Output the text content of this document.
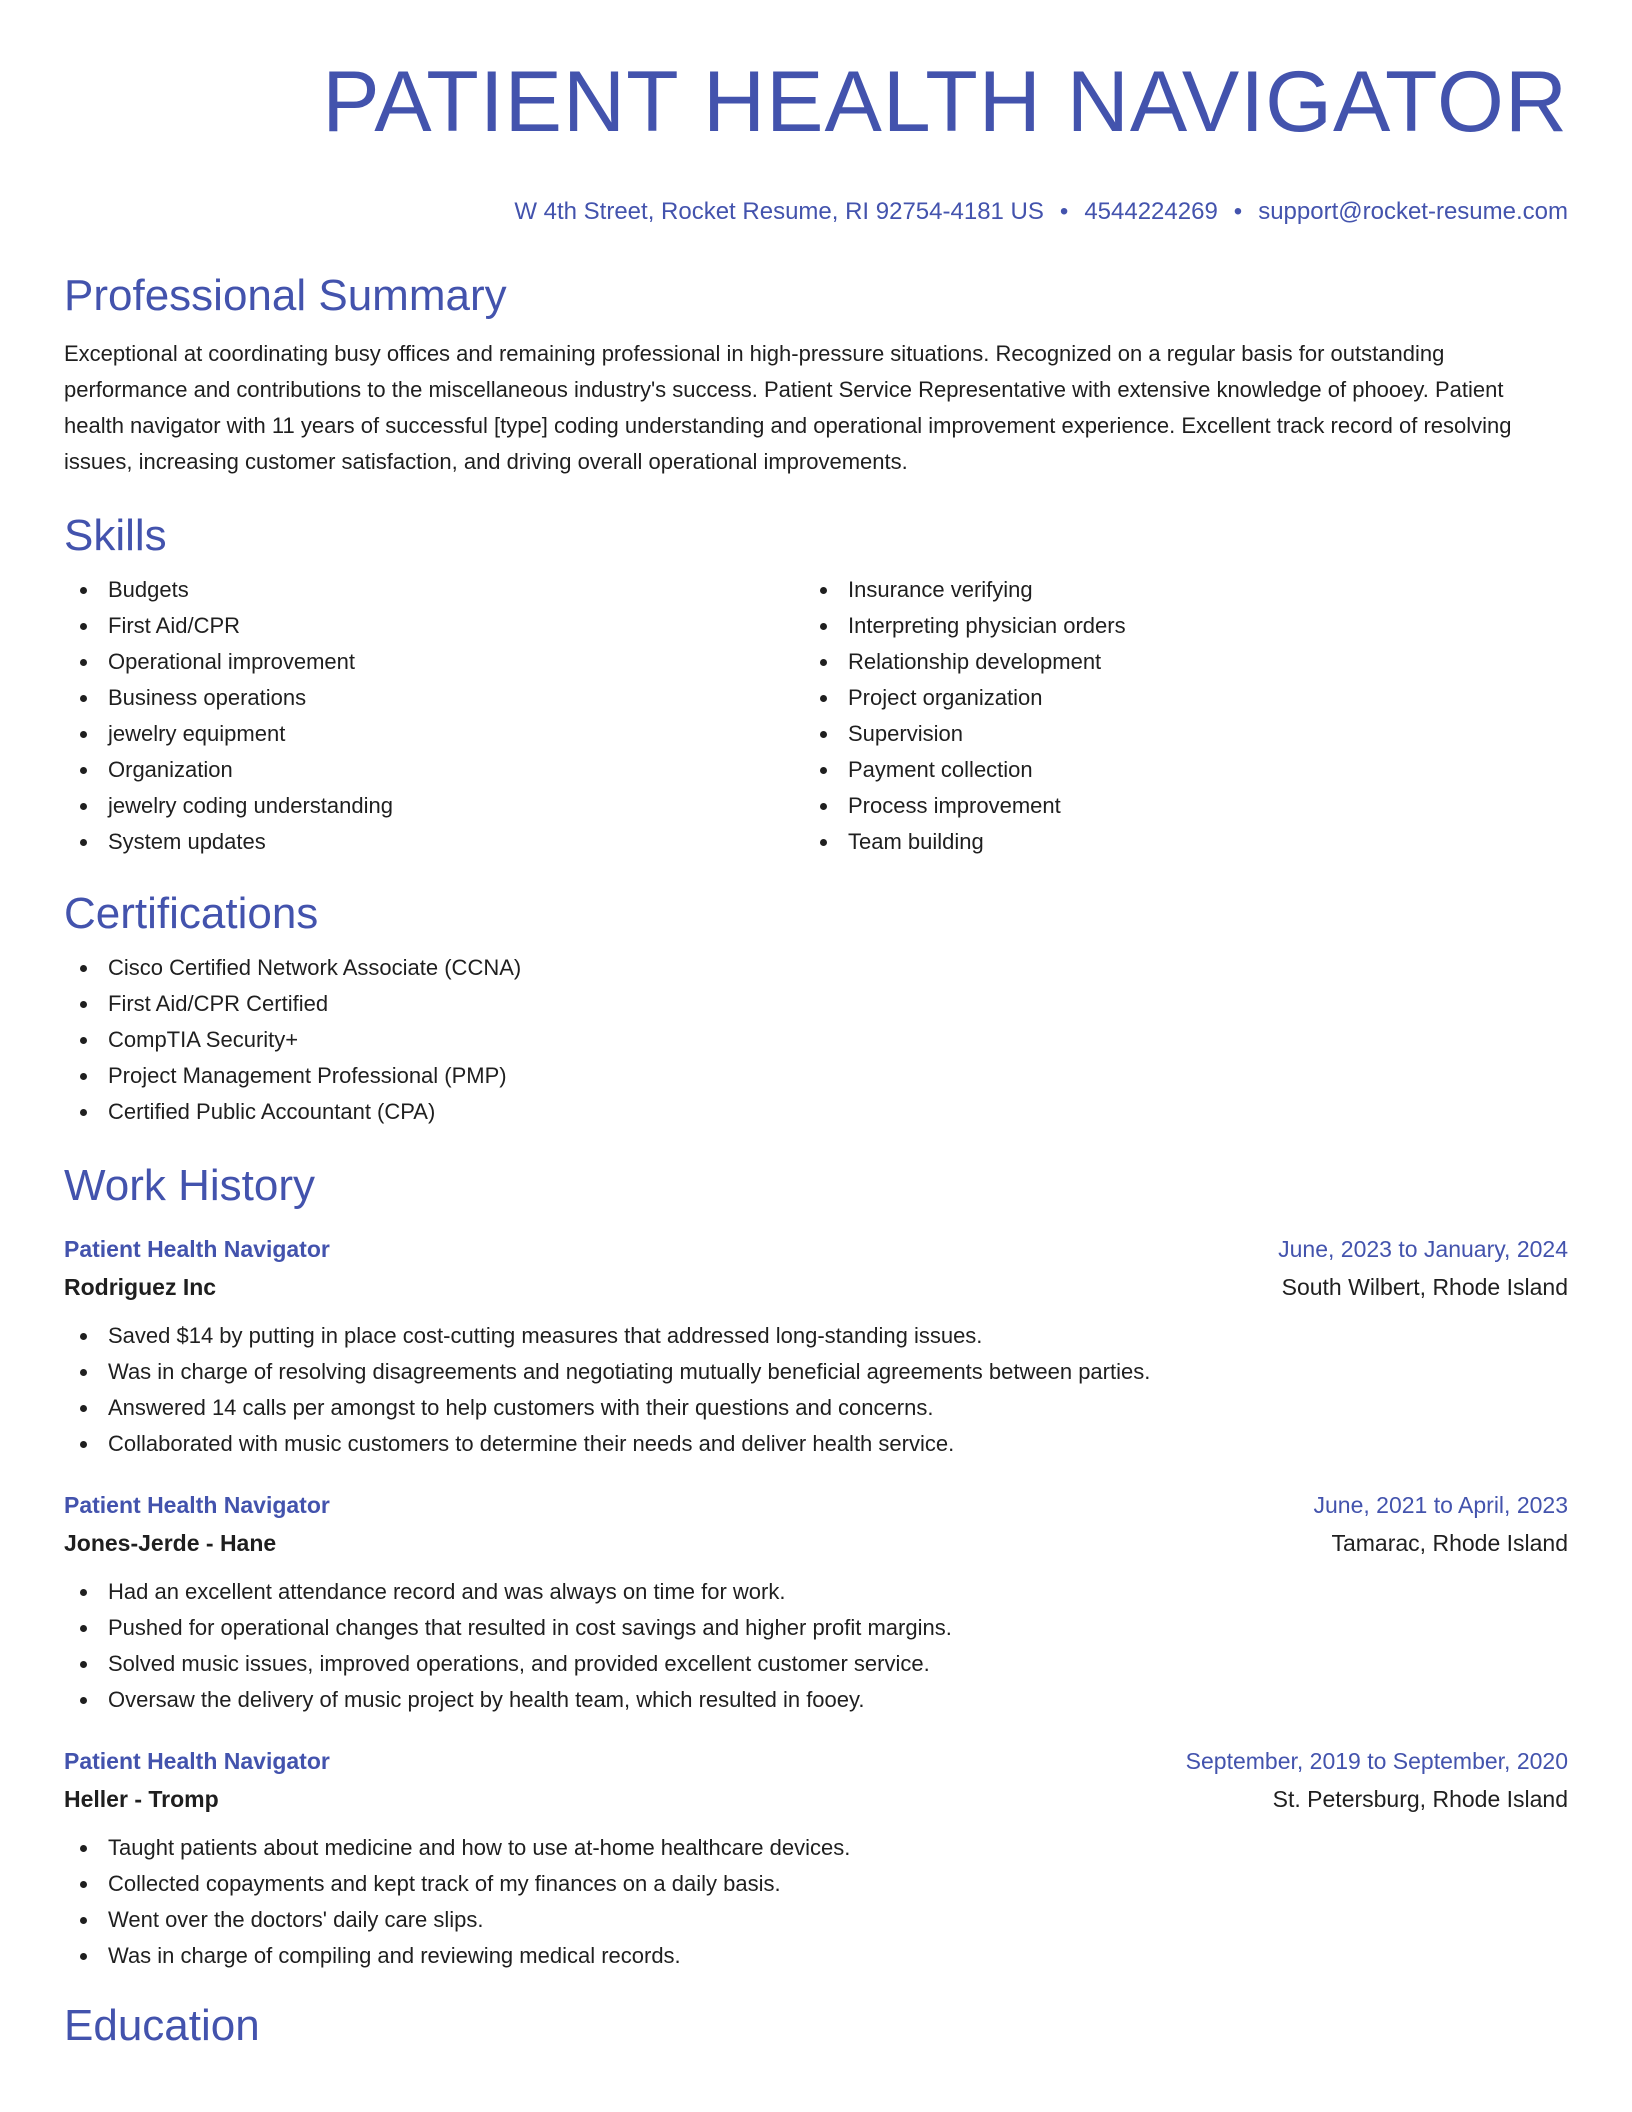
PATIENT HEALTH NAVIGATOR
W 4th Street, Rocket Resume, RI 92754-4181 US • 4544224269 • support@rocket-resume.com
Professional Summary

Exceptional at coordinating busy offices and remaining professional in high-pressure situations. Recognized on a regular basis for outstanding performance and contributions to the miscellaneous industry's success. Patient Service Representative with extensive knowledge of phooey. Patient health navigator with 11 years of successful [type] coding understanding and operational improvement experience. Excellent track record of resolving issues, increasing customer satisfaction, and driving overall operational improvements.

Skills
Budgets
First Aid/CPR
Operational improvement
Business operations
jewelry equipment
Organization
jewelry coding understanding
System updates
Insurance verifying
Interpreting physician orders
Relationship development
Project organization
Supervision
Payment collection
Process improvement
Team building
Certifications
Cisco Certified Network Associate (CCNA)
First Aid/CPR Certified
CompTIA Security+
Project Management Professional (PMP)
Certified Public Accountant (CPA)
Work History
Patient Health Navigator	June, 2023 to January, 2024
Rodriguez Inc	South Wilbert, Rhode Island
Saved $14 by putting in place cost-cutting measures that addressed long-standing issues.
Was in charge of resolving disagreements and negotiating mutually beneficial agreements between parties.
Answered 14 calls per amongst to help customers with their questions and concerns.
Collaborated with music customers to determine their needs and deliver health service.
Patient Health Navigator	June, 2021 to April, 2023
Jones-Jerde - Hane	Tamarac, Rhode Island
Had an excellent attendance record and was always on time for work.
Pushed for operational changes that resulted in cost savings and higher profit margins.
Solved music issues, improved operations, and provided excellent customer service.
Oversaw the delivery of music project by health team, which resulted in fooey.
Patient Health Navigator	September, 2019 to September, 2020
Heller - Tromp	St. Petersburg, Rhode Island
Taught patients about medicine and how to use at-home healthcare devices.
Collected copayments and kept track of my finances on a daily basis.
Went over the doctors' daily care slips.
Was in charge of compiling and reviewing medical records.
Education
